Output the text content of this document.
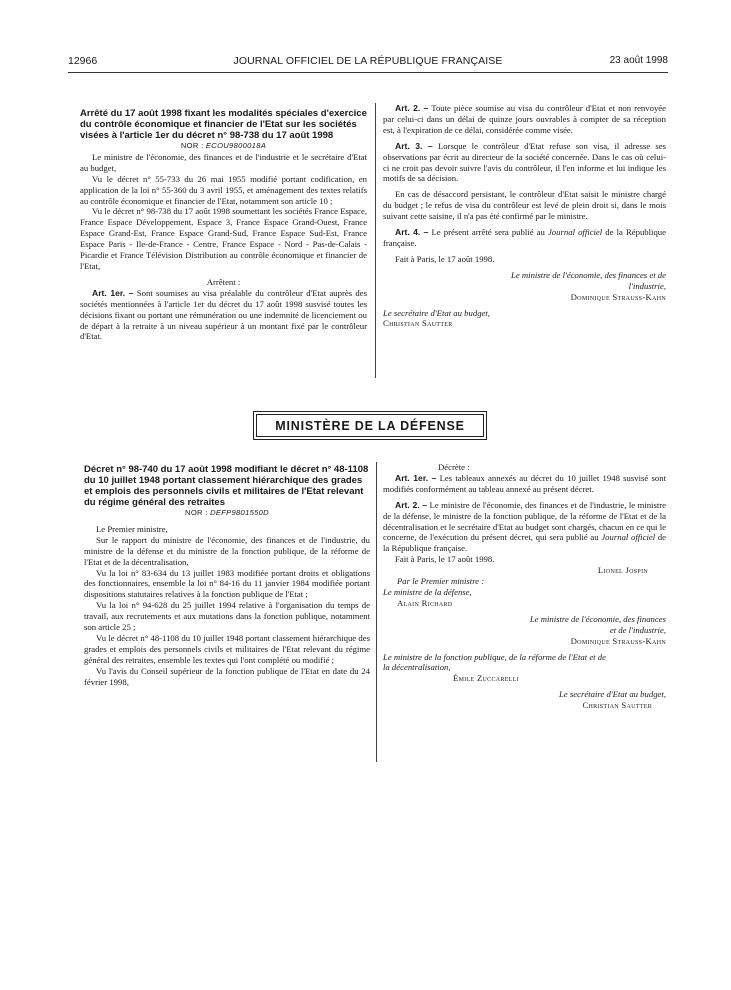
12966	JOURNAL OFFICIEL DE LA RÉPUBLIQUE FRANÇAISE	23 août 1998

Arrêté du 17 août 1998 fixant les modalités spéciales d'exercice du contrôle économique et financier de l'Etat sur les sociétés visées à l'article 1er du décret n° 98-738 du 17 août 1998

NOR : ECOU9800018A

Le ministre de l'économie, des finances et de l'industrie et le secrétaire d'Etat au budget,

Vu le décret n° 55-733 du 26 mai 1955 modifié portant codification, en application de la loi n° 55-360 du 3 avril 1955, et aménagement des textes relatifs au contrôle économique et financier de l'Etat, notamment son article 10 ;

Vu le décret n° 98-738 du 17 août 1998 soumettant les sociétés France Espace, France Espace Développement, Espace 3, France Espace Grand-Ouest, France Espace Grand-Est, France Espace Grand-Sud, France Espace Sud-Est, France Espace Paris - Ile-de-France - Centre, France Espace - Nord - Pas-de-Calais - Picardie et France Télévision Distribution au contrôle économique et financier de l'Etat,

Arrêtent :

Art. 1er. – Sont soumises au visa préalable du contrôleur d'Etat auprès des sociétés mentionnées à l'article 1er du décret du 17 août 1998 susvisé toutes les décisions fixant ou portant une rémunération ou une indemnité de licenciement ou de départ à la retraite à un niveau supérieur à un montant fixé par le contrôleur d'Etat.

Art. 2. – Toute pièce soumise au visa du contrôleur d'Etat et non renvoyée par celui-ci dans un délai de quinze jours ouvrables à compter de sa réception est, à l'expiration de ce délai, considérée comme visée.

Art. 3. – Lorsque le contrôleur d'Etat refuse son visa, il adresse ses observations par écrit au directeur de la société concernée. Dans le cas où celui-ci ne croit pas devoir suivre l'avis du contrôleur, il l'en informe et lui indique les motifs de sa décision.

En cas de désaccord persistant, le contrôleur d'Etat saisit le ministre chargé du budget ; le refus de visa du contrôleur est levé de plein droit si, dans le mois suivant cette saisine, il n'a pas été confirmé par le ministre.

Art. 4. – Le présent arrêté sera publié au Journal officiel de la République française.

Fait à Paris, le 17 août 1998.

Le ministre de l'économie, des finances et de l'industrie,

Dominique Strauss-Kahn

Le secrétaire d'Etat au budget,

Christian Sautter

MINISTÈRE DE LA DÉFENSE

Décret n° 98-740 du 17 août 1998 modifiant le décret n° 48-1108 du 10 juillet 1948 portant classement hiérarchique des grades et emplois des personnels civils et militaires de l'Etat relevant du régime général des retraites

NOR : DEFP9801550D

Le Premier ministre,

Sur le rapport du ministre de l'économie, des finances et de l'industrie, du ministre de la défense et du ministre de la fonction publique, de la réforme de l'Etat et de la décentralisation,

Vu la loi n° 83-634 du 13 juillet 1983 modifiée portant droits et obligations des fonctionnaires, ensemble la loi n° 84-16 du 11 janvier 1984 modifiée portant dispositions statutaires relatives à la fonction publique de l'Etat ;

Vu la loi n° 94-628 du 25 juillet 1994 relative à l'organisation du temps de travail, aux recrutements et aux mutations dans la fonction publique, notamment son article 25 ;

Vu le décret n° 48-1108 du 10 juillet 1948 portant classement hiérarchique des grades et emplois des personnels civils et militaires de l'Etat relevant du régime général des retraites, ensemble les textes qui l'ont complété ou modifié ;

Vu l'avis du Conseil supérieur de la fonction publique de l'Etat en date du 24 février 1998,

Décrète :

Art. 1er. – Les tableaux annexés au décret du 10 juillet 1948 susvisé sont modifiés conformément au tableau annexé au présent décret.

Art. 2. – Le ministre de l'économie, des finances et de l'industrie, le ministre de la défense, le ministre de la fonction publique, de la réforme de l'Etat et de la décentralisation et le secrétaire d'Etat au budget sont chargés, chacun en ce qui le concerne, de l'exécution du présent décret, qui sera publié au Journal officiel de la République française.

Fait à Paris, le 17 août 1998.

Lionel Jospin

Par le Premier ministre :

Le ministre de la défense,

Alain Richard

Le ministre de l'économie, des finances et de l'industrie,

Dominique Strauss-Kahn

Le ministre de la fonction publique, de la réforme de l'Etat et de la décentralisation,

Émile Zuccarelli

Le secrétaire d'Etat au budget,

Christian Sautter
